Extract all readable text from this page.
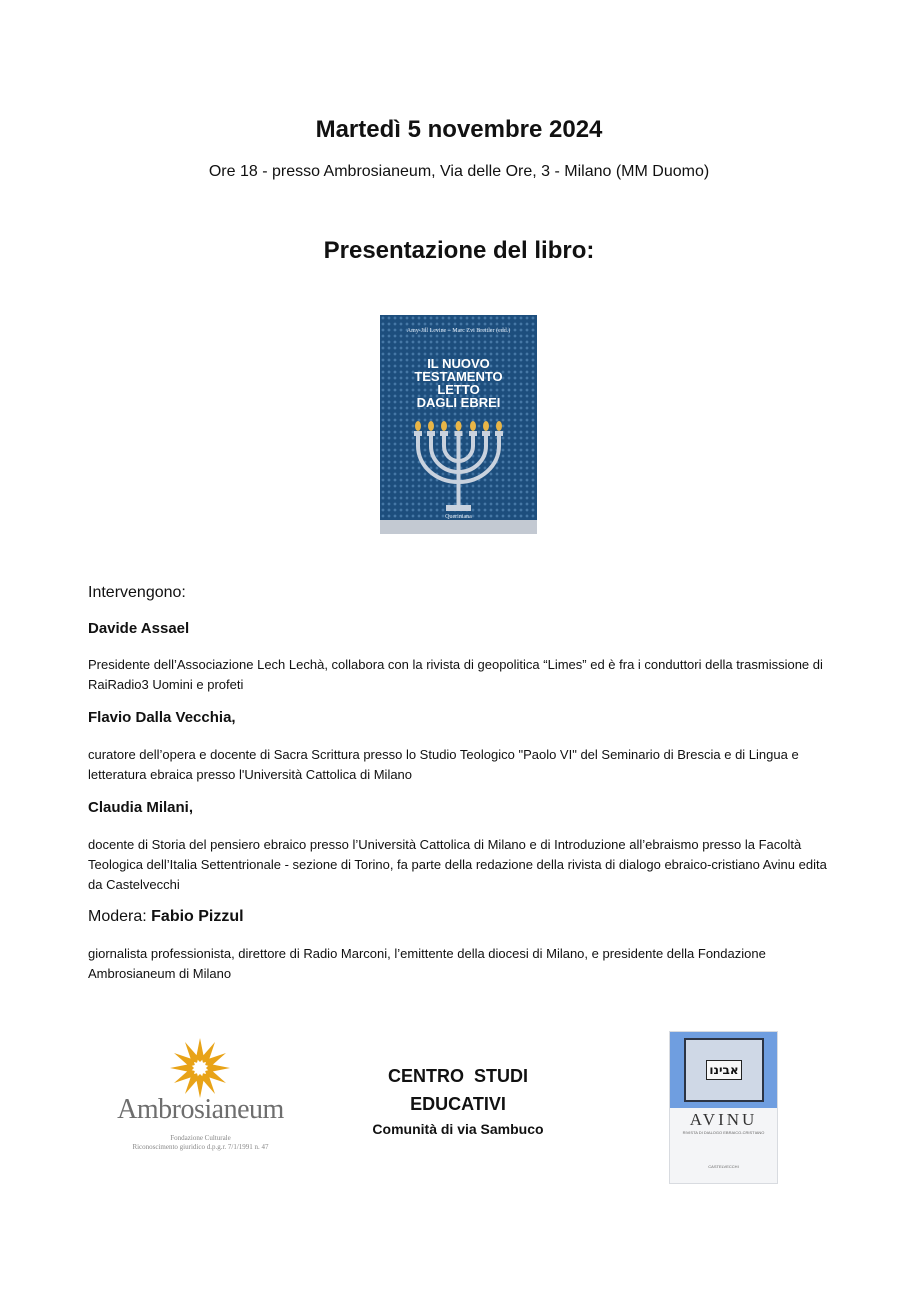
Martedì 5 novembre 2024
Ore 18 - presso Ambrosianeum, Via delle Ore, 3 - Milano (MM Duomo)
Presentazione del libro:
Amy-Jill Levine – Marc Zvi Brettler (edd.)
IL NUOVO
TESTAMENTO
LETTO
DAGLI EBREI
Queriniana
Intervengono:
Davide Assael
Presidente dell’Associazione Lech Lechà, collabora con la rivista di geopolitica “Limes” ed è fra i conduttori della trasmissione di RaiRadio3 Uomini e profeti
Flavio Dalla Vecchia,
curatore dell’opera e docente di Sacra Scrittura presso lo Studio Teologico "Paolo VI" del Seminario di Brescia e di Lingua e letteratura ebraica presso l'Università Cattolica di Milano
Claudia Milani,
docente di Storia del pensiero ebraico presso l’Università Cattolica di Milano e di Introduzione all’ebraismo presso la Facoltà Teologica dell’Italia Settentrionale - sezione di Torino, fa parte della redazione della rivista di dialogo ebraico-cristiano Avinu edita da Castelvecchi
Modera: Fabio Pizzul
giornalista professionista, direttore di Radio Marconi, l’emittente della diocesi di Milano, e presidente della Fondazione Ambrosianeum di Milano
Ambrosianeum
Fondazione Culturale
Riconoscimento giuridico d.p.g.r. 7/1/1991 n. 47
CENTRO  STUDI
EDUCATIVI
Comunità di via Sambuco
אבינו
AVINU
RIVISTA DI DIALOGO EBRAICO-CRISTIANO
CASTELVECCHI
